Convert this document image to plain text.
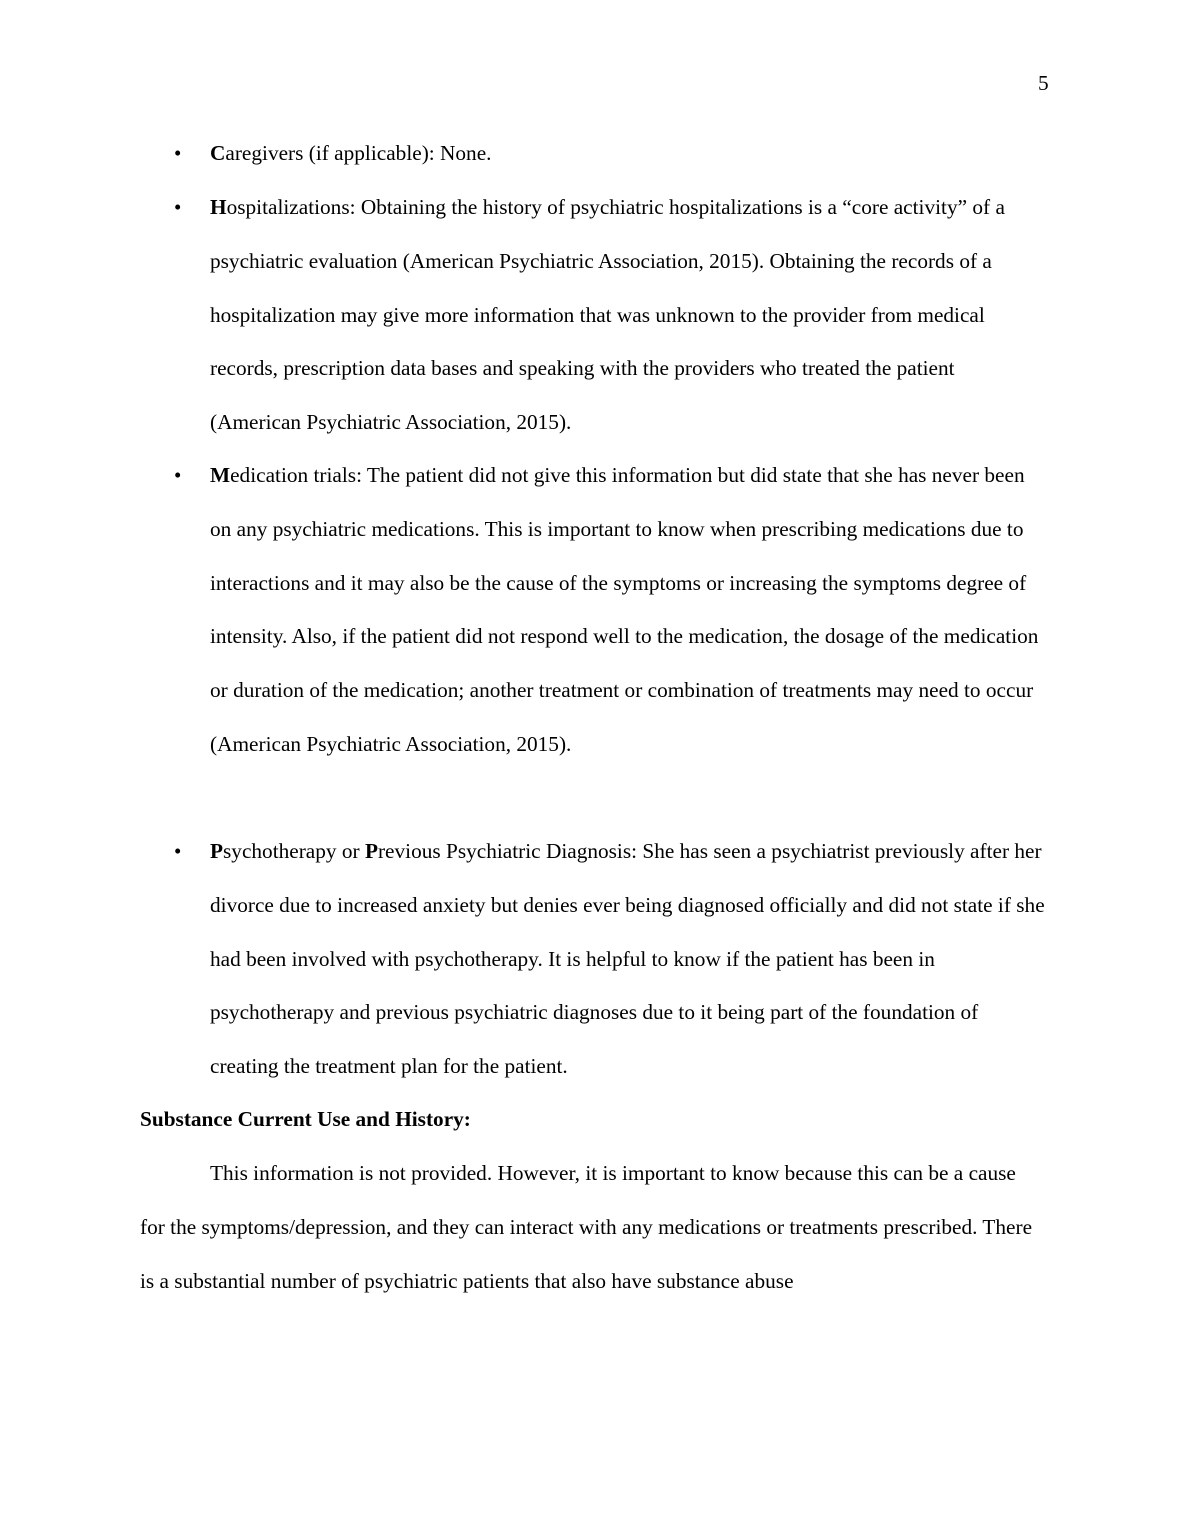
5
• Caregivers (if applicable): None.
• Hospitalizations: Obtaining the history of psychiatric hospitalizations is a “core activity” of a psychiatric evaluation (American Psychiatric Association, 2015). Obtaining the records of a hospitalization may give more information that was unknown to the provider from medical records, prescription data bases and speaking with the providers who treated the patient (American Psychiatric Association, 2015).
• Medication trials: The patient did not give this information but did state that she has never been on any psychiatric medications. This is important to know when prescribing medications due to interactions and it may also be the cause of the symptoms or increasing the symptoms degree of intensity. Also, if the patient did not respond well to the medication, the dosage of the medication or duration of the medication; another treatment or combination of treatments may need to occur (American Psychiatric Association, 2015).
• Psychotherapy or Previous Psychiatric Diagnosis: She has seen a psychiatrist previously after her divorce due to increased anxiety but denies ever being diagnosed officially and did not state if she had been involved with psychotherapy. It is helpful to know if the patient has been in psychotherapy and previous psychiatric diagnoses due to it being part of the foundation of creating the treatment plan for the patient.
Substance Current Use and History:
This information is not provided. However, it is important to know because this can be a cause for the symptoms/depression, and they can interact with any medications or treatments prescribed. There is a substantial number of psychiatric patients that also have substance abuse
